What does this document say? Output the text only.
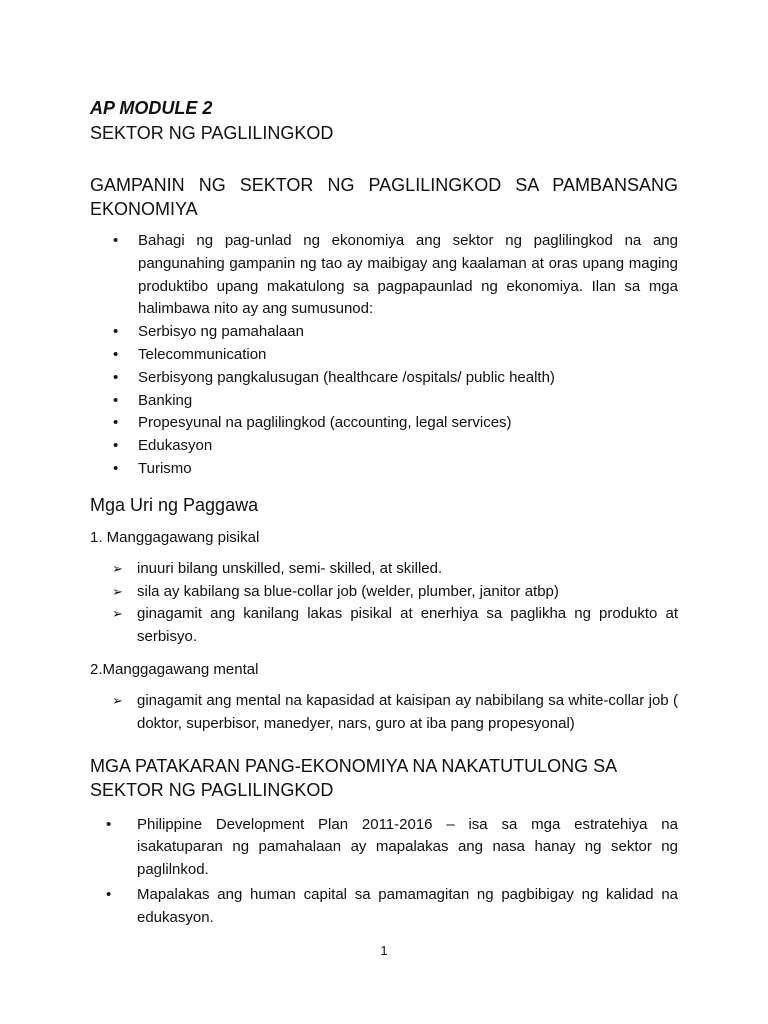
AP MODULE 2
SEKTOR NG PAGLILINGKOD
GAMPANIN NG SEKTOR NG PAGLILINGKOD SA PAMBANSANG EKONOMIYA
• Bahagi ng pag-unlad ng ekonomiya ang sektor ng paglilingkod na ang pangunahing gampanin ng tao ay maibigay ang kaalaman at oras upang maging produktibo upang makatulong sa pagpapaunlad ng ekonomiya. Ilan sa mga halimbawa nito ay ang sumusunod:
• Serbisyo ng pamahalaan
• Telecommunication
• Serbisyong pangkalusugan (healthcare /ospitals/ public health)
• Banking
• Propesyunal na paglilingkod (accounting, legal services)
• Edukasyon
• Turismo
Mga Uri ng Paggawa
1. Manggagawang pisikal
➢ inuuri bilang unskilled, semi- skilled, at skilled.
➢ sila ay kabilang sa blue-collar job (welder, plumber, janitor atbp)
➢ ginagamit ang kanilang lakas pisikal at enerhiya sa paglikha ng produkto at serbisyo.
2.Manggagawang mental
➢ ginagamit ang mental na kapasidad at kaisipan ay nabibilang sa white-collar job ( doktor, superbisor, manedyer, nars, guro at iba pang propesyonal)
MGA PATAKARAN PANG-EKONOMIYA NA NAKATUTULONG SA SEKTOR NG PAGLILINGKOD
• Philippine Development Plan 2011-2016 – isa sa mga estratehiya na isakatuparan ng pamahalaan ay mapalakas ang nasa hanay ng sektor ng paglilnkod.
• Mapalakas ang human capital sa pamamagitan ng pagbibigay ng kalidad na edukasyon.
1
